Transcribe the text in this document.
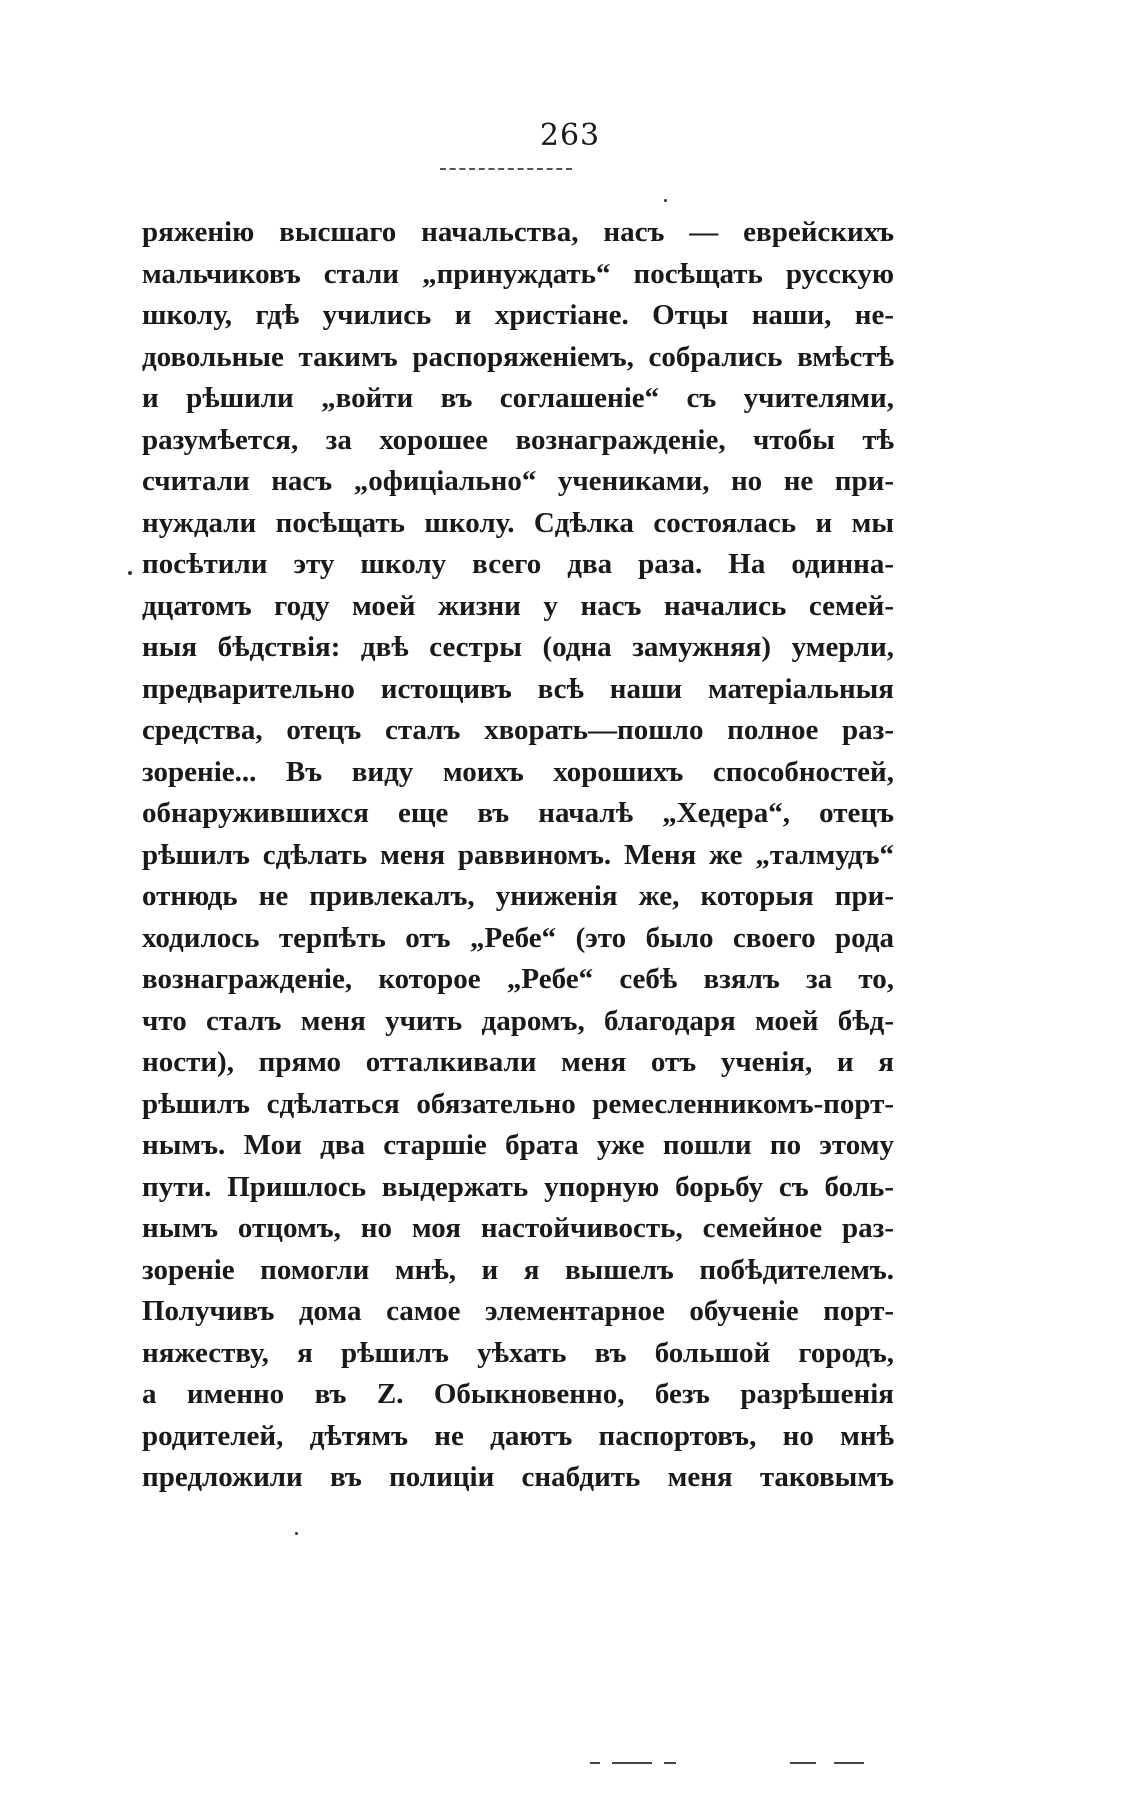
263
ряженію высшаго начальства, насъ — еврейскихъ
мальчиковъ стали „принуждать“ посѣщать русскую
школу, гдѣ учились и христіане. Отцы наши, не-
довольные такимъ распоряженіемъ, собрались вмѣстѣ
и рѣшили „войти въ соглашеніе“ съ учителями,
разумѣется, за хорошее вознагражденіе, чтобы тѣ
считали насъ „офиціально“ учениками, но не при-
нуждали посѣщать школу. Сдѣлка состоялась и мы
посѣтили эту школу всего два раза. На одинна-
дцатомъ году моей жизни у насъ начались семей-
ныя бѣдствія: двѣ сестры (одна замужняя) умерли,
предварительно истощивъ всѣ наши матеріальныя
средства, отецъ сталъ хворать—пошло полное раз-
зореніе... Въ виду моихъ хорошихъ способностей,
обнаружившихся еще въ началѣ „Хедера“, отецъ
рѣшилъ сдѣлать меня раввиномъ. Меня же „талмудъ“
отнюдь не привлекалъ, униженія же, которыя при-
ходилось терпѣть отъ „Ребе“ (это было своего рода
вознагражденіе, которое „Ребе“ себѣ взялъ за то,
что сталъ меня учить даромъ, благодаря моей бѣд-
ности), прямо отталкивали меня отъ ученія, и я
рѣшилъ сдѣлаться обязательно ремесленникомъ-порт-
нымъ. Мои два старшіе брата уже пошли по этому
пути. Пришлось выдержать упорную борьбу съ боль-
нымъ отцомъ, но моя настойчивость, семейное раз-
зореніе помогли мнѣ, и я вышелъ побѣдителемъ.
Получивъ дома самое элементарное обученіе порт-
няжеству, я рѣшилъ уѣхать въ большой городъ,
а именно въ Z. Обыкновенно, безъ разрѣшенія
родителей, дѣтямъ не даютъ паспортовъ, но мнѣ
предложили въ полиціи снабдить меня таковымъ
